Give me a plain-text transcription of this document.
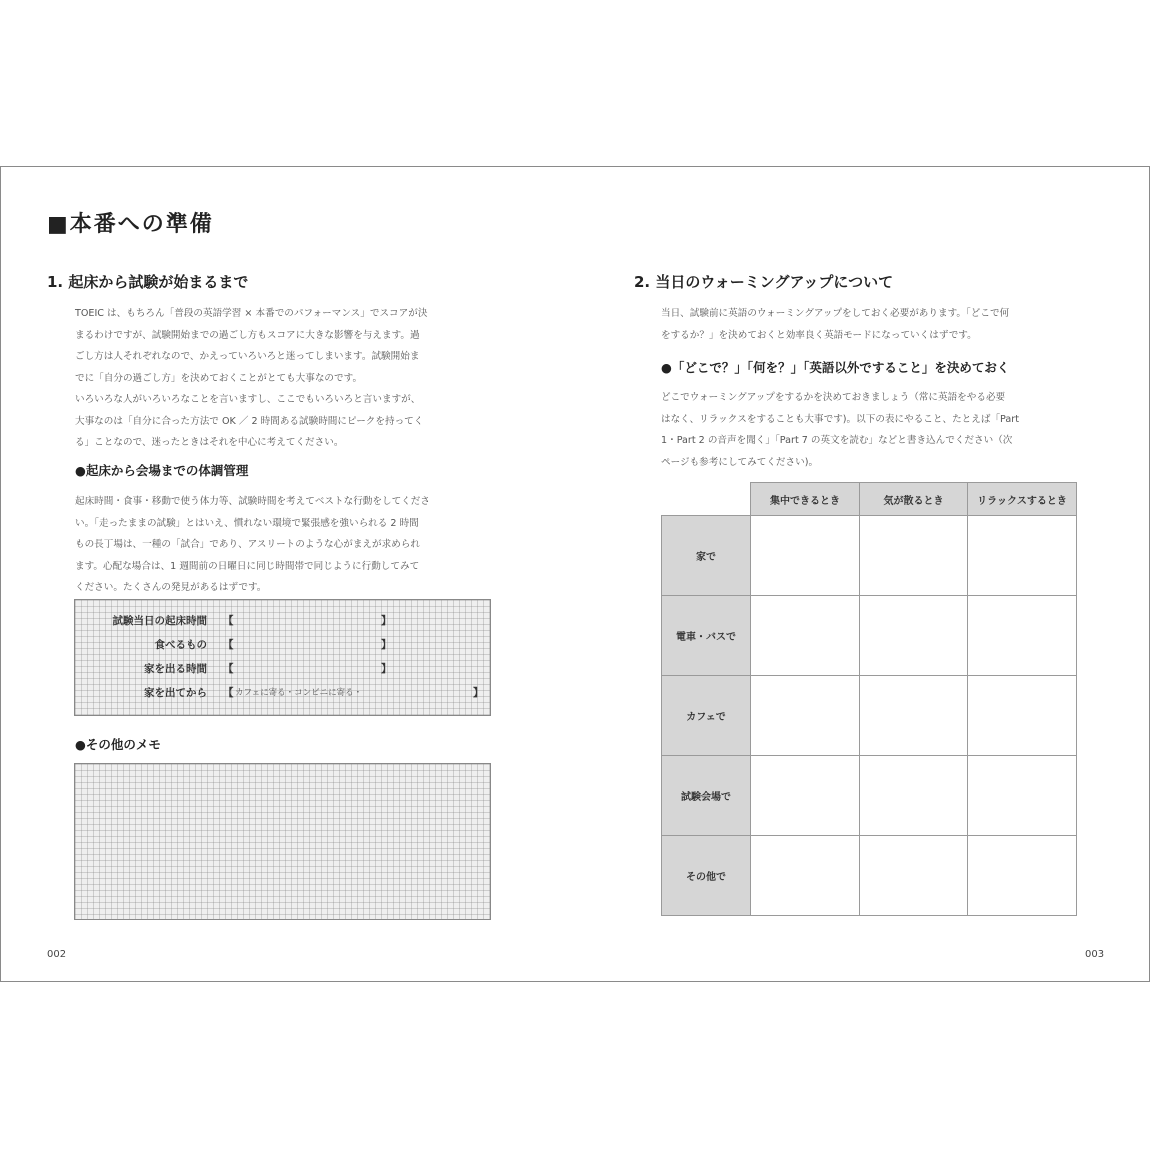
■本番への準備
1. 起床から試験が始まるまで
TOEIC は、もちろん「普段の英語学習 × 本番でのパフォーマンス」でスコアが決
まるわけですが、試験開始までの過ごし方もスコアに大きな影響を与えます。過
ごし方は人それぞれなので、かえっていろいろと迷ってしまいます。試験開始ま
でに「自分の過ごし方」を決めておくことがとても大事なのです。
いろいろな人がいろいろなことを言いますし、ここでもいろいろと言いますが、
大事なのは「自分に合った方法で OK ／ 2 時間ある試験時間にピークを持ってく
る」ことなので、迷ったときはそれを中心に考えてください。
●起床から会場までの体調管理
起床時間・食事・移動で使う体力等、試験時間を考えてベストな行動をしてくださ
い。「走ったままの試験」とはいえ、慣れない環境で緊張感を強いられる 2 時間
もの長丁場は、一種の「試合」であり、アスリートのような心がまえが求められ
ます。心配な場合は、1 週間前の日曜日に同じ時間帯で同じように行動してみて
ください。たくさんの発見があるはずです。
試験当日の起床時間 【	】
食べるもの 【	】
家を出る時間 【	】
家を出てから 【 カフェに寄る・コンビニに寄る・	】
●その他のメモ
002
2. 当日のウォーミングアップについて
当日、試験前に英語のウォーミングアップをしておく必要があります。「どこで何
をするか？」を決めておくと効率良く英語モードになっていくはずです。
●「どこで？」「何を？」「英語以外ですること」を決めておく
どこでウォーミングアップをするかを決めておきましょう（常に英語をやる必要
はなく、リラックスをすることも大事です)。以下の表にやること、たとえば「Part
1・Part 2 の音声を聞く」「Part 7 の英文を読む」などと書き込んでください（次
ページも参考にしてみてください)。
	集中できるとき	気が散るとき	リラックスするとき
家で			
電車・バスで			
カフェで			
試験会場で			
その他で			
003
